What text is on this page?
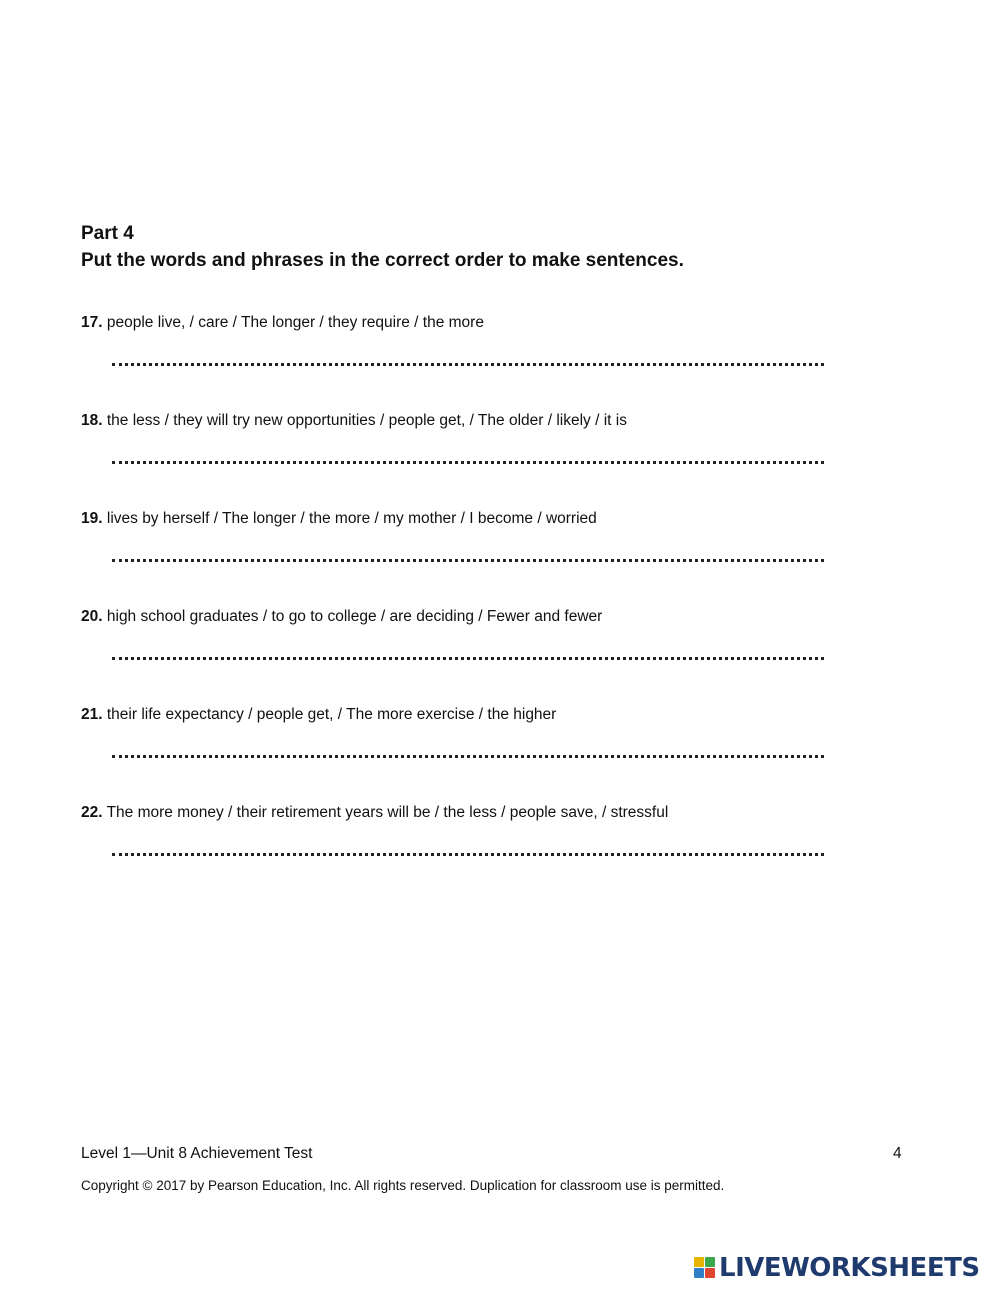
Part 4
Put the words and phrases in the correct order to make sentences.
17. people live, / care / The longer / they require / the more
18. the less / they will try new opportunities / people get, / The older / likely / it is
19. lives by herself / The longer / the more / my mother / I become / worried
20. high school graduates / to go to college / are deciding / Fewer and fewer
21. their life expectancy / people get, / The more exercise / the higher
22. The more money / their retirement years will be / the less / people save, / stressful
Level 1—Unit 8 Achievement Test	4
Copyright © 2017 by Pearson Education, Inc. All rights reserved. Duplication for classroom use is permitted.
LIVEWORKSHEETS
